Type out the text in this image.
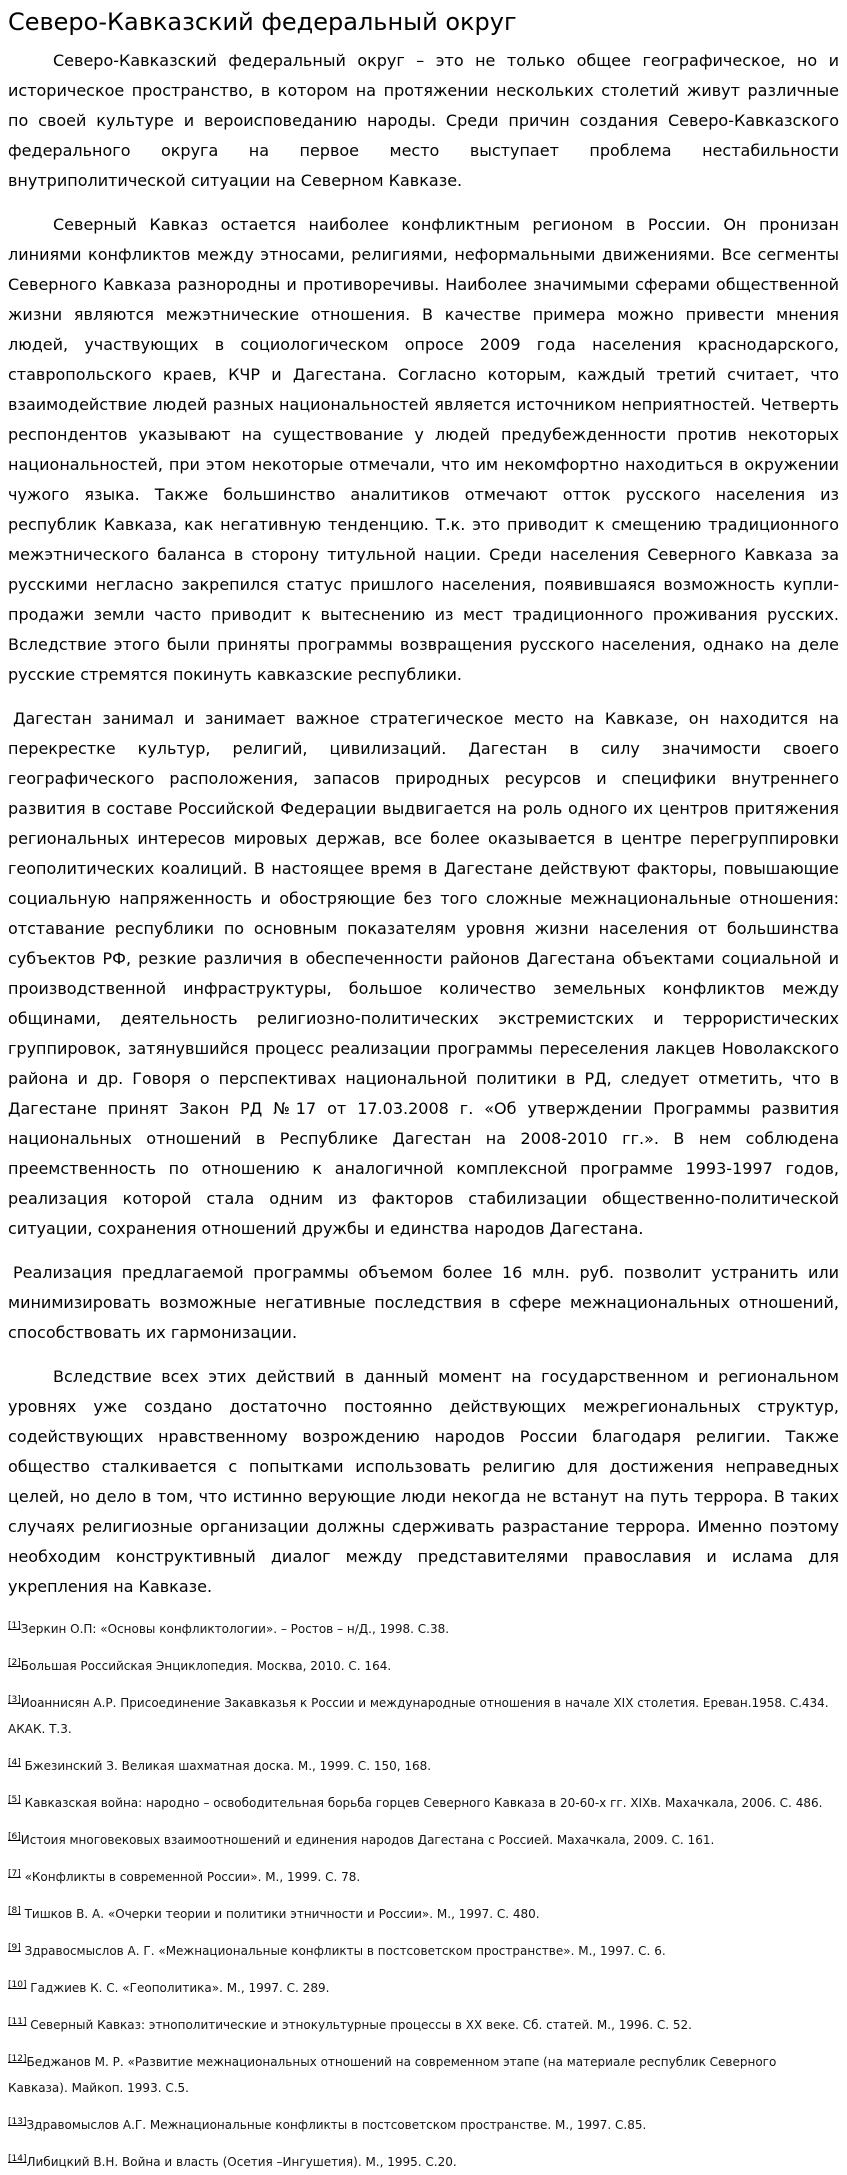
Северо-Кавказский федеральный округ

Северо-Кавказский федеральный округ – это не только общее географическое, но и историческое пространство, в котором на протяжении нескольких столетий живут различные по своей культуре и вероисповеданию народы. Среди причин создания Северо-Кавказского федерального округа на первое место выступает проблема нестабильности внутриполитической ситуации на Северном Кавказе.

Северный Кавказ остается наиболее конфликтным регионом в России. Он пронизан линиями конфликтов между этносами, религиями, неформальными движениями. Все сегменты Северного Кавказа разнородны и противоречивы. Наиболее значимыми сферами общественной жизни являются межэтнические отношения. В качестве примера можно привести мнения людей, участвующих в социологическом опросе 2009 года населения краснодарского, ставропольского краев, КЧР и Дагестана. Согласно которым, каждый третий считает, что взаимодействие людей разных национальностей является источником неприятностей. Четверть респондентов указывают на существование у людей предубежденности против некоторых национальностей, при этом некоторые отмечали, что им некомфортно находиться в окружении чужого языка. Также большинство аналитиков отмечают отток русского населения из республик Кавказа, как негативную тенденцию. Т.к. это приводит к смещению традиционного межэтнического баланса в сторону титульной нации. Среди населения Северного Кавказа за русскими негласно закрепился статус пришлого населения, появившаяся возможность купли-продажи земли часто приводит к вытеснению из мест традиционного проживания русских. Вследствие этого были приняты программы возвращения русского населения, однако на деле русские стремятся покинуть кавказские республики.

Дагестан занимал и занимает важное стратегическое место на Кавказе, он находится на перекрестке культур, религий, цивилизаций. Дагестан в силу значимости своего географического расположения, запасов природных ресурсов и специфики внутреннего развития в составе Российской Федерации выдвигается на роль одного их центров притяжения региональных интересов мировых держав, все более оказывается в центре перегруппировки геополитических коалиций. В настоящее время в Дагестане действуют факторы, повышающие социальную напряженность и обостряющие без того сложные межнациональные отношения: отставание республики по основным показателям уровня жизни населения от большинства субъектов РФ, резкие различия в обеспеченности районов Дагестана объектами социальной и производственной инфраструктуры, большое количество земельных конфликтов между общинами, деятельность религиозно-политических экстремистских и террористических группировок, затянувшийся процесс реализации программы переселения лакцев Новолакского района и др. Говоря о перспективах национальной политики в РД, следует отметить, что в Дагестане принят Закон РД №17 от 17.03.2008 г. «Об утверждении Программы развития национальных отношений в Республике Дагестан на 2008-2010 гг.». В нем соблюдена преемственность по отношению к аналогичной комплексной программе 1993-1997 годов, реализация которой стала одним из факторов стабилизации общественно-политической ситуации, сохранения отношений дружбы и единства народов Дагестана.

Реализация предлагаемой программы объемом более 16 млн. руб. позволит устранить или минимизировать возможные негативные последствия в сфере межнациональных отношений, способствовать их гармонизации.

Вследствие всех этих действий в данный момент на государственном и региональном уровнях уже создано достаточно постоянно действующих межрегиональных структур, содействующих нравственному возрождению народов России благодаря религии. Также общество сталкивается с попытками использовать религию для достижения неправедных целей, но дело в том, что истинно верующие люди некогда не встанут на путь террора. В таких случаях религиозные организации должны сдерживать разрастание террора. Именно поэтому необходим конструктивный диалог между представителями православия и ислама для укрепления на Кавказе.

[1]Зеркин О.П: «Основы конфликтологии». – Ростов – н/Д., 1998. С.38.

[2]Большая Российская Энциклопедия. Москва, 2010. С. 164.

[3]Иоаннисян А.Р. Присоединение Закавказья к России и международные отношения в начале XIX столетия. Ереван.1958. С.434. АКАК. Т.3.

[4] Бжезинский З. Великая шахматная доска. М., 1999. С. 150, 168.

[5] Кавказская война: народно – освободительная борьба горцев Северного Кавказа в 20-60-х гг. XIXв. Махачкала, 2006. С. 486.

[6]Истоия многовековых взаимоотношений и единения народов Дагестана с Россией. Махачкала, 2009. С. 161.

[7] «Конфликты в современной России». М., 1999. С. 78.

[8] Тишков В. А. «Очерки теории и политики этничности и России». М., 1997. С. 480.

[9] Здравосмыслов А. Г. «Межнациональные конфликты в постсоветском пространстве». М., 1997. С. 6.

[10] Гаджиев К. С. «Геополитика». М., 1997. С. 289.

[11] Северный Кавказ: этнополитические и этнокультурные процессы в XX веке. Сб. статей. М., 1996. С. 52.

[12]Беджанов М. Р. «Развитие межнациональных отношений на современном этапе (на материале республик Северного Кавказа). Майкоп. 1993. С.5.

[13]Здравомыслов А.Г. Межнациональные конфликты в постсоветском пространстве. М., 1997. С.85.

[14]Либицкий В.Н. Война и власть (Осетия –Ингушетия). М., 1995. С.20.
